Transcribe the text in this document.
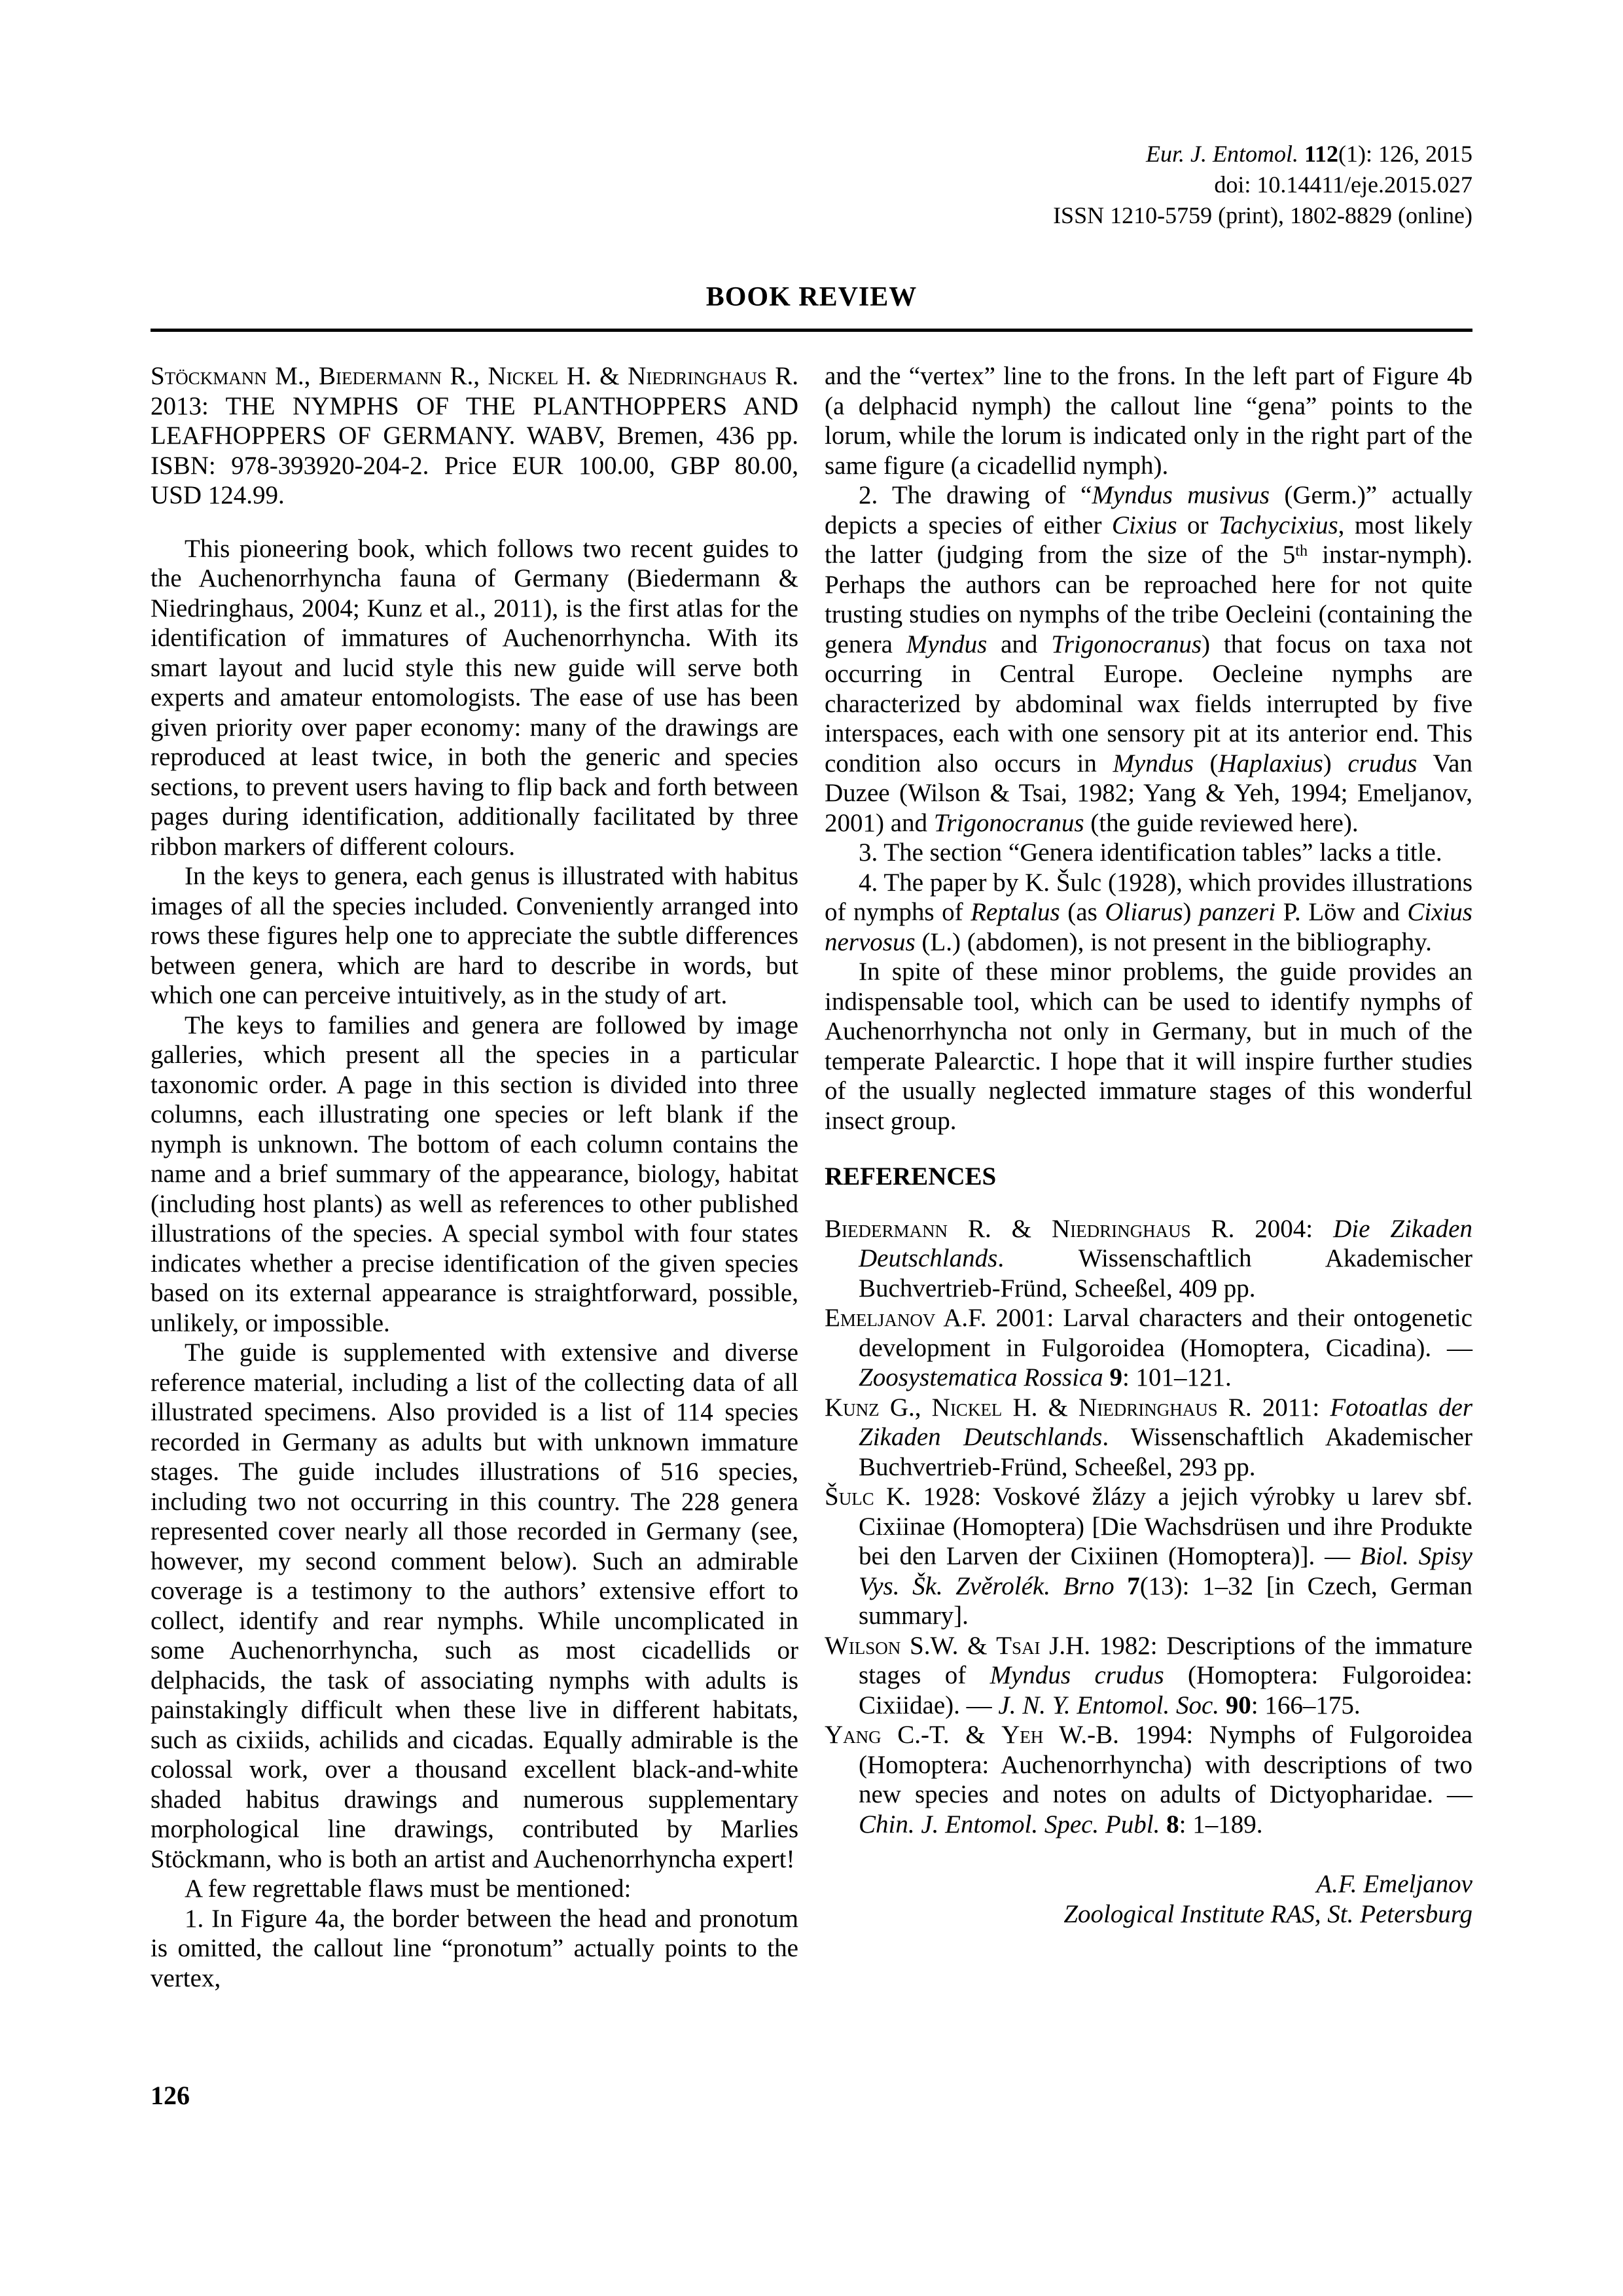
Eur. J. Entomol. 112(1): 126, 2015
doi: 10.14411/eje.2015.027
ISSN 1210-5759 (print), 1802-8829 (online)
BOOK REVIEW

Stöckmann M., Biedermann R., Nickel H. & Niedringhaus R. 2013: THE NYMPHS OF THE PLANTHOPPERS AND LEAFHOPPERS OF GERMANY. WABV, Bremen, 436 pp. ISBN: 978-393920-204-2. Price EUR 100.00, GBP 80.00, USD 124.99.

This pioneering book, which follows two recent guides to the Auchenorrhyncha fauna of Germany (Biedermann & Niedringhaus, 2004; Kunz et al., 2011), is the first atlas for the identification of immatures of Auchenorrhyncha. With its smart layout and lucid style this new guide will serve both experts and amateur entomologists. The ease of use has been given priority over paper economy: many of the drawings are reproduced at least twice, in both the generic and species sections, to prevent users having to flip back and forth between pages during identification, additionally facilitated by three ribbon markers of different colours.

In the keys to genera, each genus is illustrated with habitus images of all the species included. Conveniently arranged into rows these figures help one to appreciate the subtle differences between genera, which are hard to describe in words, but which one can perceive intuitively, as in the study of art.

The keys to families and genera are followed by image galleries, which present all the species in a particular taxonomic order. A page in this section is divided into three columns, each illustrating one species or left blank if the nymph is unknown. The bottom of each column contains the name and a brief summary of the appearance, biology, habitat (including host plants) as well as references to other published illustrations of the species. A special symbol with four states indicates whether a precise identification of the given species based on its external appearance is straightforward, possible, unlikely, or impossible.

The guide is supplemented with extensive and diverse reference material, including a list of the collecting data of all illustrated specimens. Also provided is a list of 114 species recorded in Germany as adults but with unknown immature stages. The guide includes illustrations of 516 species, including two not occurring in this country. The 228 genera represented cover nearly all those recorded in Germany (see, however, my second comment below). Such an admirable coverage is a testimony to the authors’ extensive effort to collect, identify and rear nymphs. While uncomplicated in some Auchenorrhyncha, such as most cicadellids or delphacids, the task of associating nymphs with adults is painstakingly difficult when these live in different habitats, such as cixiids, achilids and cicadas. Equally admirable is the colossal work, over a thousand excellent black-and-white shaded habitus drawings and numerous supplementary morphological line drawings, contributed by Marlies Stöckmann, who is both an artist and Auchenorrhyncha expert!

A few regrettable flaws must be mentioned:

1. In Figure 4a, the border between the head and pronotum is omitted, the callout line “pronotum” actually points to the vertex,

and the “vertex” line to the frons. In the left part of Figure 4b (a delphacid nymph) the callout line “gena” points to the lorum, while the lorum is indicated only in the right part of the same figure (a cicadellid nymph).

2. The drawing of “Myndus musivus (Germ.)” actually depicts a species of either Cixius or Tachycixius, most likely the latter (judging from the size of the 5th instar-nymph). Perhaps the authors can be reproached here for not quite trusting studies on nymphs of the tribe Oecleini (containing the genera Myndus and Trigonocranus) that focus on taxa not occurring in Central Europe. Oecleine nymphs are characterized by abdominal wax fields interrupted by five interspaces, each with one sensory pit at its anterior end. This condition also occurs in Myndus (Haplaxius) crudus Van Duzee (Wilson & Tsai, 1982; Yang & Yeh, 1994; Emeljanov, 2001) and Trigonocranus (the guide reviewed here).

3. The section “Genera identification tables” lacks a title.

4. The paper by K. Šulc (1928), which provides illustrations of nymphs of Reptalus (as Oliarus) panzeri P. Löw and Cixius nervosus (L.) (abdomen), is not present in the bibliography.

In spite of these minor problems, the guide provides an indispensable tool, which can be used to identify nymphs of Auchenorrhyncha not only in Germany, but in much of the temperate Palearctic. I hope that it will inspire further studies of the usually neglected immature stages of this wonderful insect group.

REFERENCES

Biedermann R. & Niedringhaus R. 2004: Die Zikaden Deutschlands. Wissenschaftlich Akademischer Buchvertrieb-Fründ, Scheeßel, 409 pp.

Emeljanov A.F. 2001: Larval characters and their ontogenetic development in Fulgoroidea (Homoptera, Cicadina). — Zoosystematica Rossica 9: 101–121.

Kunz G., Nickel H. & Niedringhaus R. 2011: Fotoatlas der Zikaden Deutschlands. Wissenschaftlich Akademischer Buchvertrieb-Fründ, Scheeßel, 293 pp.

Šulc K. 1928: Voskové žlázy a jejich výrobky u larev sbf. Cixiinae (Homoptera) [Die Wachsdrüsen und ihre Produkte bei den Larven der Cixiinen (Homoptera)]. — Biol. Spisy Vys. Šk. Zvěrolék. Brno 7(13): 1–32 [in Czech, German summary].

Wilson S.W. & Tsai J.H. 1982: Descriptions of the immature stages of Myndus crudus (Homoptera: Fulgoroidea: Cixiidae). — J. N. Y. Entomol. Soc. 90: 166–175.

Yang C.-T. & Yeh W.-B. 1994: Nymphs of Fulgoroidea (Homoptera: Auchenorrhyncha) with descriptions of two new species and notes on adults of Dictyopharidae. — Chin. J. Entomol. Spec. Publ. 8: 1–189.

A.F. Emeljanov
Zoological Institute RAS, St. Petersburg
126
